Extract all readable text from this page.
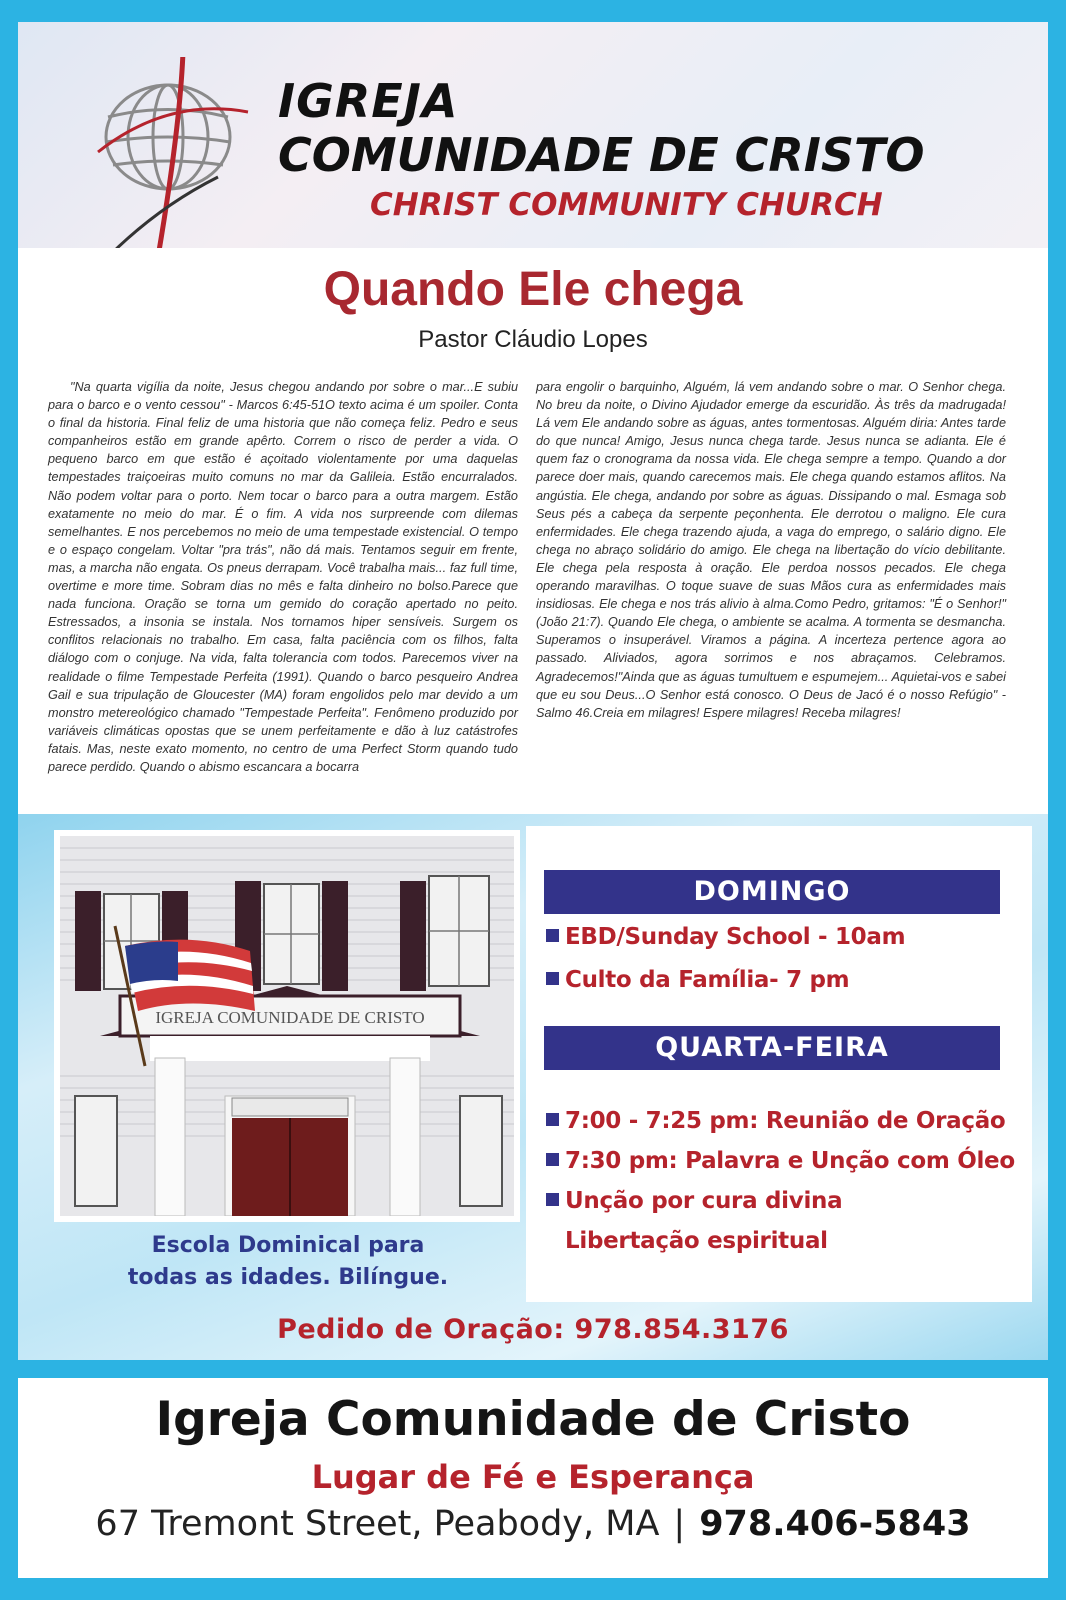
IGREJA
COMUNIDADE DE CRISTO
CHRIST COMMUNITY CHURCH
Quando Ele chega
Pastor Cláudio Lopes
"Na quarta vigília da noite, Jesus chegou andando por sobre o mar...E subiu para o barco e o vento cessou" - Marcos 6:45-51O texto acima é um spoiler. Conta o final da historia. Final feliz de uma historia que não começa feliz. Pedro e seus companheiros estão em grande apêrto. Correm o risco de perder a vida. O pequeno barco em que estão é açoitado violentamente por uma daquelas tempestades traiçoeiras muito comuns no mar da Galileia. Estão encurralados. Não podem voltar para o porto. Nem tocar o barco para a outra margem. Estão exatamente no meio do mar. É o fim. A vida nos surpreende com dilemas semelhantes. E nos percebemos no meio de uma tempestade existencial. O tempo e o espaço congelam. Voltar "pra trás", não dá mais. Tentamos seguir em frente, mas, a marcha não engata. Os pneus derrapam. Você trabalha mais... faz full time, overtime e more time. Sobram dias no mês e falta dinheiro no bolso.Parece que nada funciona. Oração se torna um gemido do coração apertado no peito. Estressados, a insonia se instala. Nos tornamos hiper sensíveis. Surgem os conflitos relacionais no trabalho. Em casa, falta paciência com os filhos, falta diálogo com o conjuge. Na vida, falta tolerancia com todos. Parecemos viver na realidade o filme Tempestade Perfeita (1991). Quando o barco pesqueiro Andrea Gail e sua tripulação de Gloucester (MA) foram engolidos pelo mar devido a um monstro metereológico chamado "Tempestade Perfeita". Fenômeno produzido por variáveis climáticas opostas que se unem perfeitamente e dão à luz catástrofes fatais. Mas, neste exato momento, no centro de uma Perfect Storm quando tudo parece perdido. Quando o abismo escancara a bocarra
para engolir o barquinho, Alguém, lá vem andando sobre o mar. O Senhor chega. No breu da noite, o Divino Ajudador emerge da escuridão. Às três da madrugada! Lá vem Ele andando sobre as águas, antes tormentosas. Alguém diria: Antes tarde do que nunca! Amigo, Jesus nunca chega tarde. Jesus nunca se adianta. Ele é quem faz o cronograma da nossa vida. Ele chega sempre a tempo. Quando a dor parece doer mais, quando carecemos mais. Ele chega quando estamos aflitos. Na angústia. Ele chega, andando por sobre as águas. Dissipando o mal. Esmaga sob Seus pés a cabeça da serpente peçonhenta. Ele derrotou o maligno. Ele cura enfermidades. Ele chega trazendo ajuda, a vaga do emprego, o salário digno. Ele chega no abraço solidário do amigo. Ele chega na libertação do vício debilitante. Ele chega pela resposta à oração. Ele perdoa nossos pecados. Ele chega operando maravilhas. O toque suave de suas Mãos cura as enfermidades mais insidiosas. Ele chega e nos trás alivio à alma.Como Pedro, gritamos: "É o Senhor!" (João 21:7). Quando Ele chega, o ambiente se acalma. A tormenta se desmancha. Superamos o insuperável. Viramos a página. A incerteza pertence agora ao passado. Aliviados, agora sorrimos e nos abraçamos. Celebramos. Agradecemos!"Ainda que as águas tumultuem e espumejem... Aquietai-vos e sabei que eu sou Deus...O Senhor está conosco. O Deus de Jacó é o nosso Refúgio" - Salmo 46.Creia em milagres! Espere milagres! Receba milagres!
IGREJA COMUNIDADE DE CRISTO
Escola Dominical para
todas as idades. Bilíngue.
DOMINGO
EBD/Sunday School - 10am
Culto da Família- 7 pm
QUARTA-FEIRA
7:00 - 7:25 pm: Reunião de Oração
7:30 pm: Palavra e Unção com Óleo
Unção por cura divina
Libertação espiritual
Pedido de Oração: 978.854.3176
Igreja Comunidade de Cristo
Lugar de Fé e Esperança
67 Tremont Street, Peabody, MA | 978.406-5843
